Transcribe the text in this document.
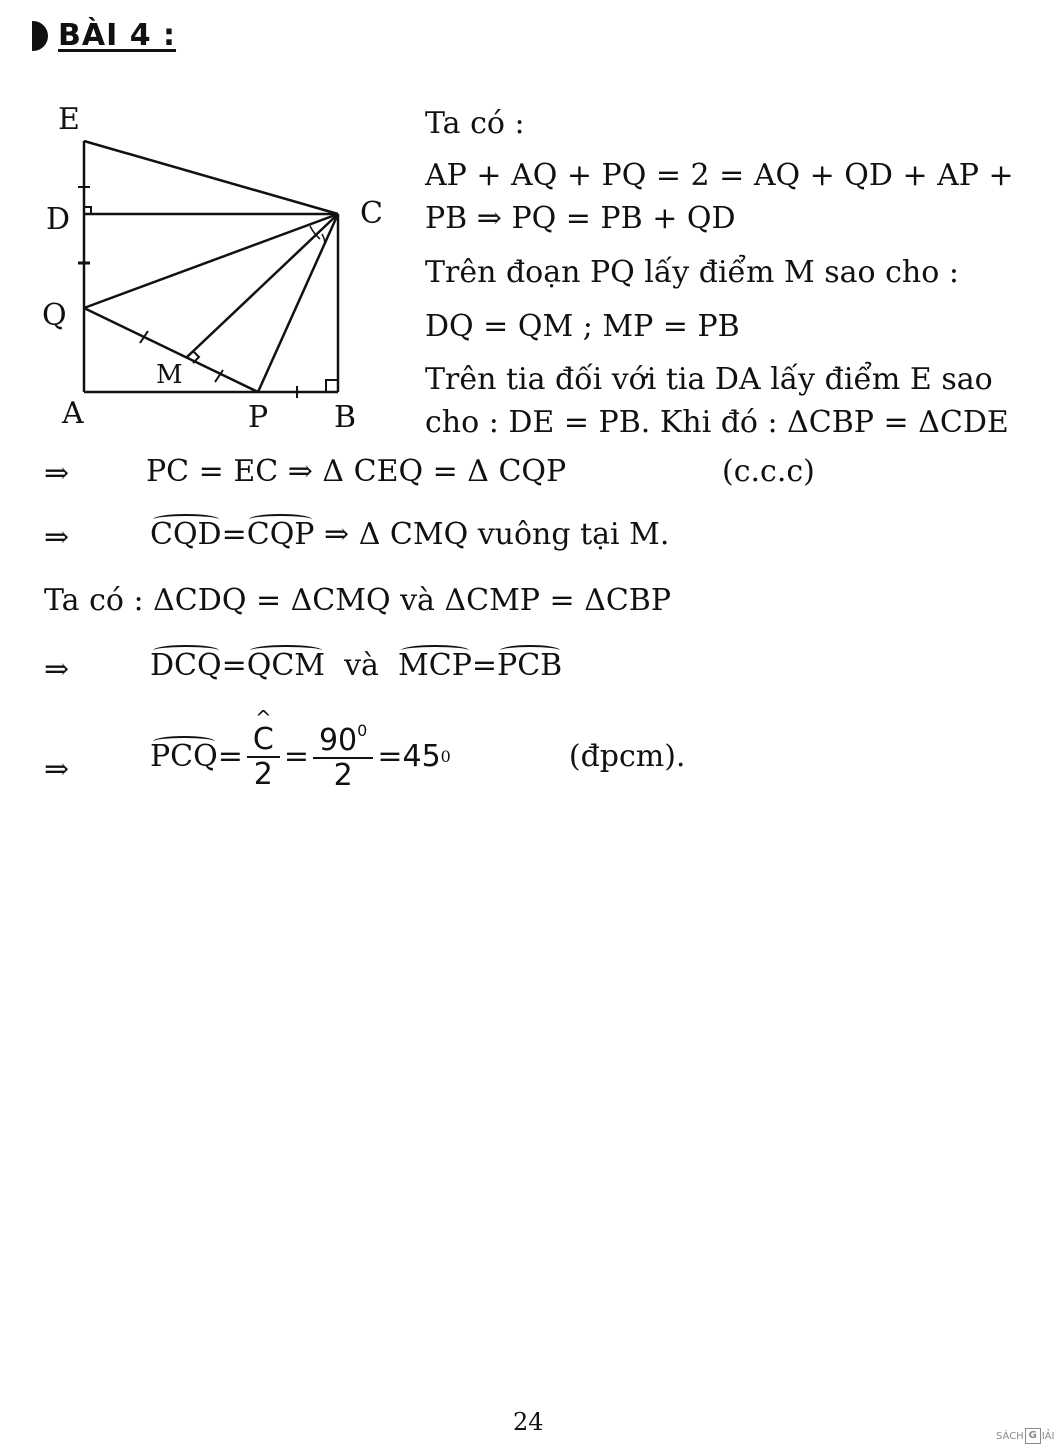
BÀI 4 :
E
D	C
Q
M
A	P B
Ta có :
AP + AQ + PQ = 2 = AQ + QD + AP +
PB ⇒ PQ = PB + QD
Trên đoạn PQ lấy điểm M sao cho :
DQ = QM ; MP = PB
Trên tia đối với tia DA lấy điểm E sao
cho : DE = PB. Khi đó : ΔCBP = ΔCDE
⇒	PC = EC ⇒ Δ CEQ = Δ CQP	(c.c.c)
⇒	CQD=CQP ⇒ Δ CMQ vuông tại M.
Ta có : ΔCDQ = ΔCMQ và ΔCMP = ΔCBP
⇒	DCQ=QCM và MCP=PCB
⇒	PCQ =
^ $\frac{C}{2} = \frac{90^0}{2} = 45$ 0	(đpcm).
24	SÁCH G IẢI
